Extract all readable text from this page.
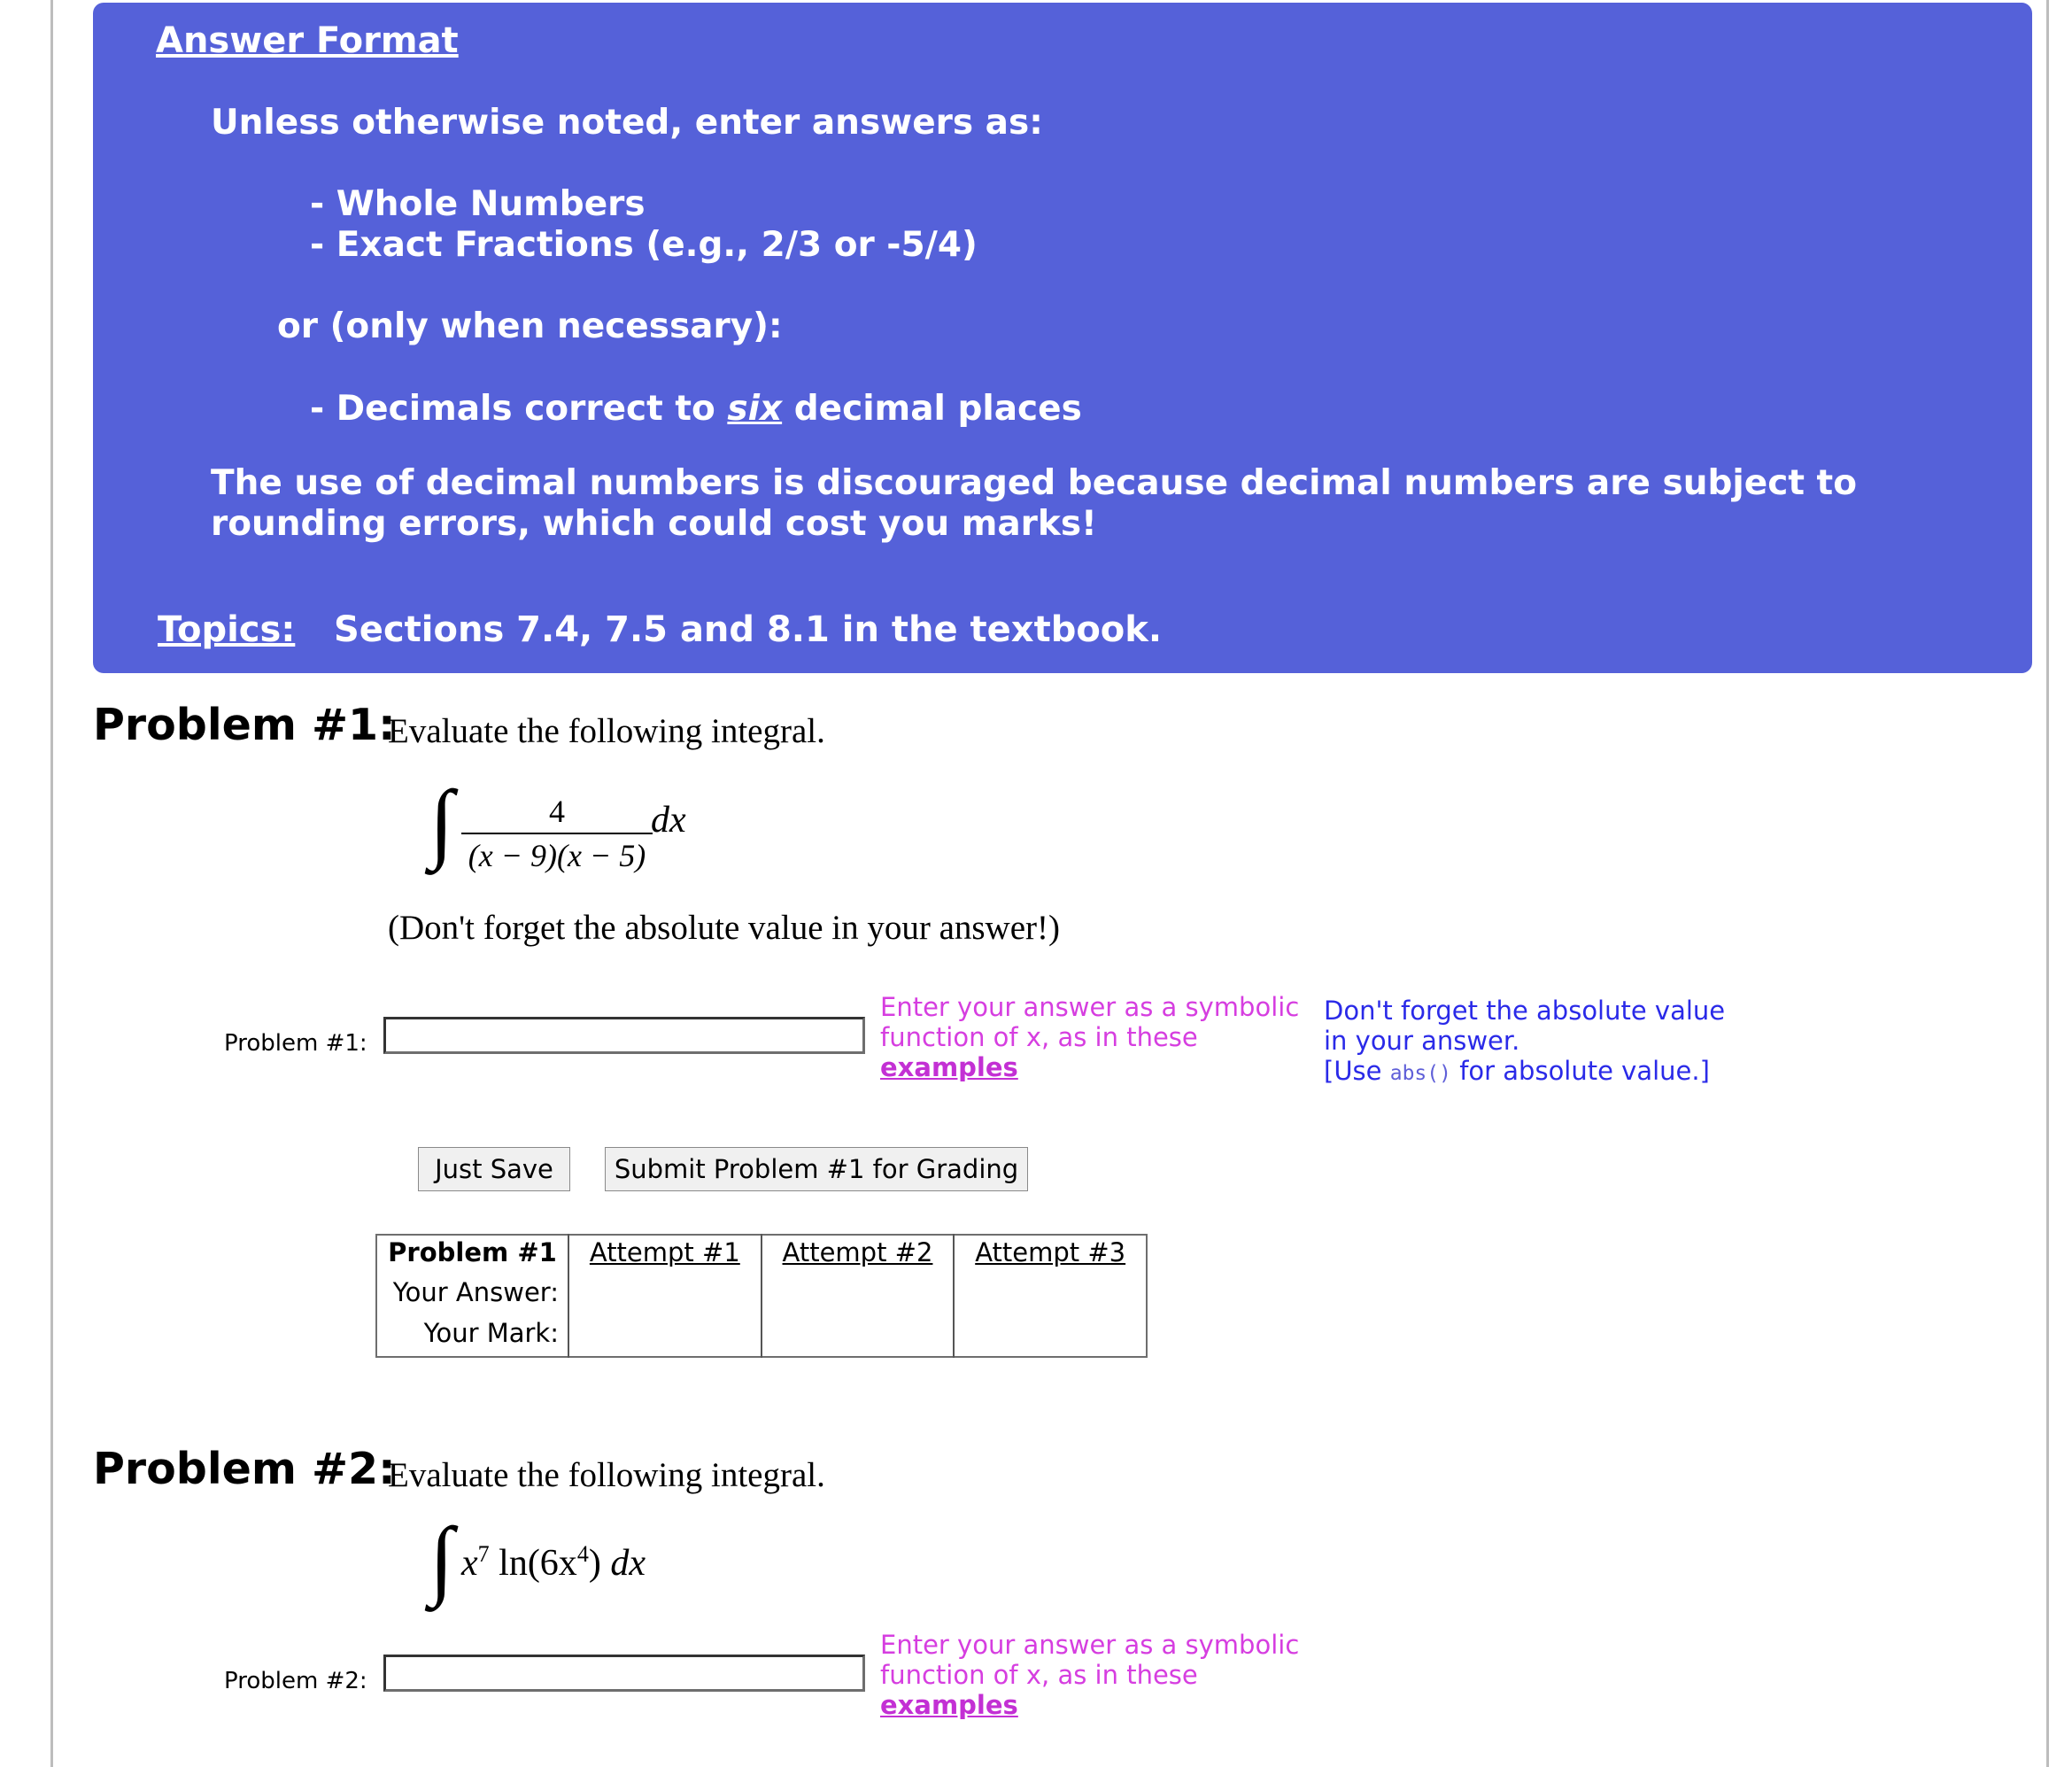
Answer Format
Unless otherwise noted, enter answers as:
- Whole Numbers
- Exact Fractions (e.g., 2/3 or -5/4)
or (only when necessary):
- Decimals correct to six decimal places
The use of decimal numbers is discouraged because decimal numbers are subject to rounding errors, which could cost you marks!
Topics: Sections 7.4, 7.5 and 8.1 in the textbook.
Problem #1:
Evaluate the following integral.
∫	4
(x − 9)(x − 5)
dx
(Don't forget the absolute value in your answer!)
Problem #1:
Enter your answer as a symbolic function of x, as in these
examples
Don't forget the absolute value in your answer.
[Use abs() for absolute value.]
Just Save	Submit Problem #1 for Grading
Problem #1	Attempt #1	Attempt #2	Attempt #3
Your Answer:			
Your Mark:			
Problem #2:
Evaluate the following integral.
∫ $x^7$ $\ln(6x^4)$ dx
Problem #2:
Enter your answer as a symbolic function of x, as in these
examples
